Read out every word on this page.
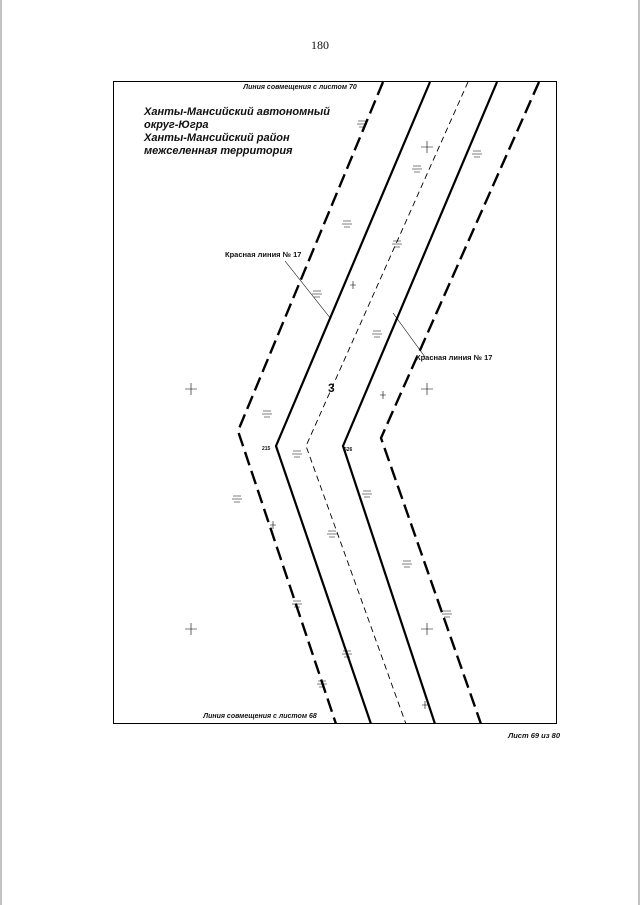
180
Линия совмещения с листом 70
Линия совмещения с листом 68
Ханты-Мансийский автономный
округ-Югра
Ханты-Мансийский район
межселенная территория
Красная линия № 17
Красная линия № 17
215	526
3
Лист 69 из 80
